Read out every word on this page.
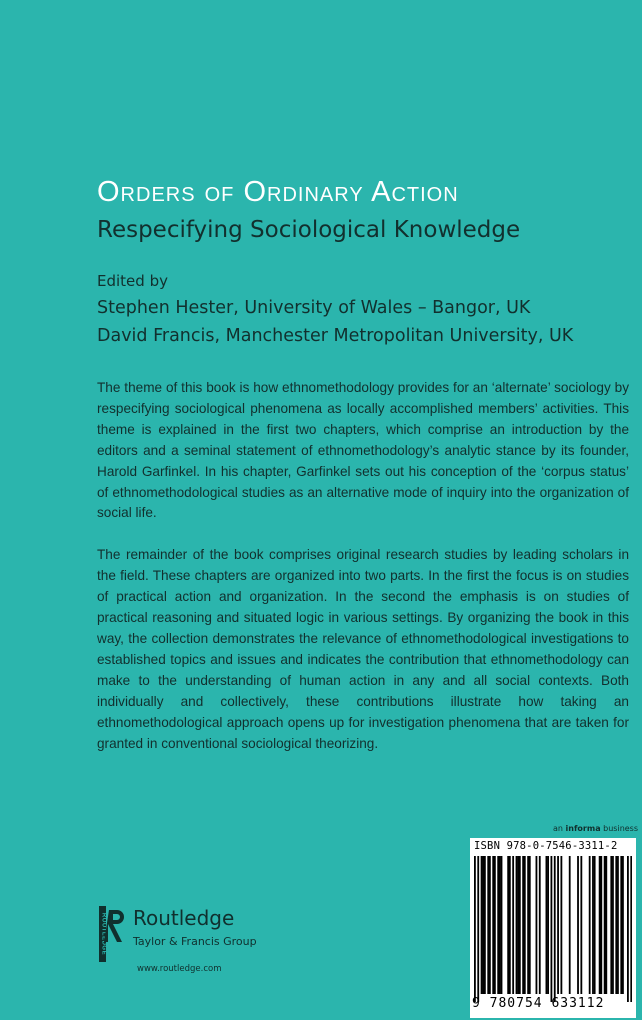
Orders of Ordinary Action
Respecifying Sociological Knowledge
Edited by
Stephen Hester, University of Wales – Bangor, UK
David Francis, Manchester Metropolitan University, UK

The theme of this book is how ethnomethodology provides for an ‘alternate’ sociology by respecifying sociological phenomena as locally accomplished members’ activities. This theme is explained in the first two chapters, which comprise an introduction by the editors and a seminal statement of ethnomethodology’s analytic stance by its founder, Harold Garfinkel. In his chapter, Garfinkel sets out his conception of the ‘corpus status’ of ethnomethodological studies as an alternative mode of inquiry into the organization of social life.

The remainder of the book comprises original research studies by leading scholars in the field. These chapters are organized into two parts. In the first the focus is on studies of practical action and organization. In the second the emphasis is on studies of practical reasoning and situated logic in various settings. By organizing the book in this way, the collection demonstrates the relevance of ethnomethodological investigations to established topics and issues and indicates the contribution that ethnomethodology can make to the understanding of human action in any and all social contexts. Both individually and collectively, these contributions illustrate how taking an ethnomethodological approach opens up for investigation phenomena that are taken for granted in conventional sociological theorizing.

an informa business
ISBN 978-0-7546-3311-2
9 780754 633112
ROUTLEDGE Routledge
Taylor & Francis Group
www.routledge.com
